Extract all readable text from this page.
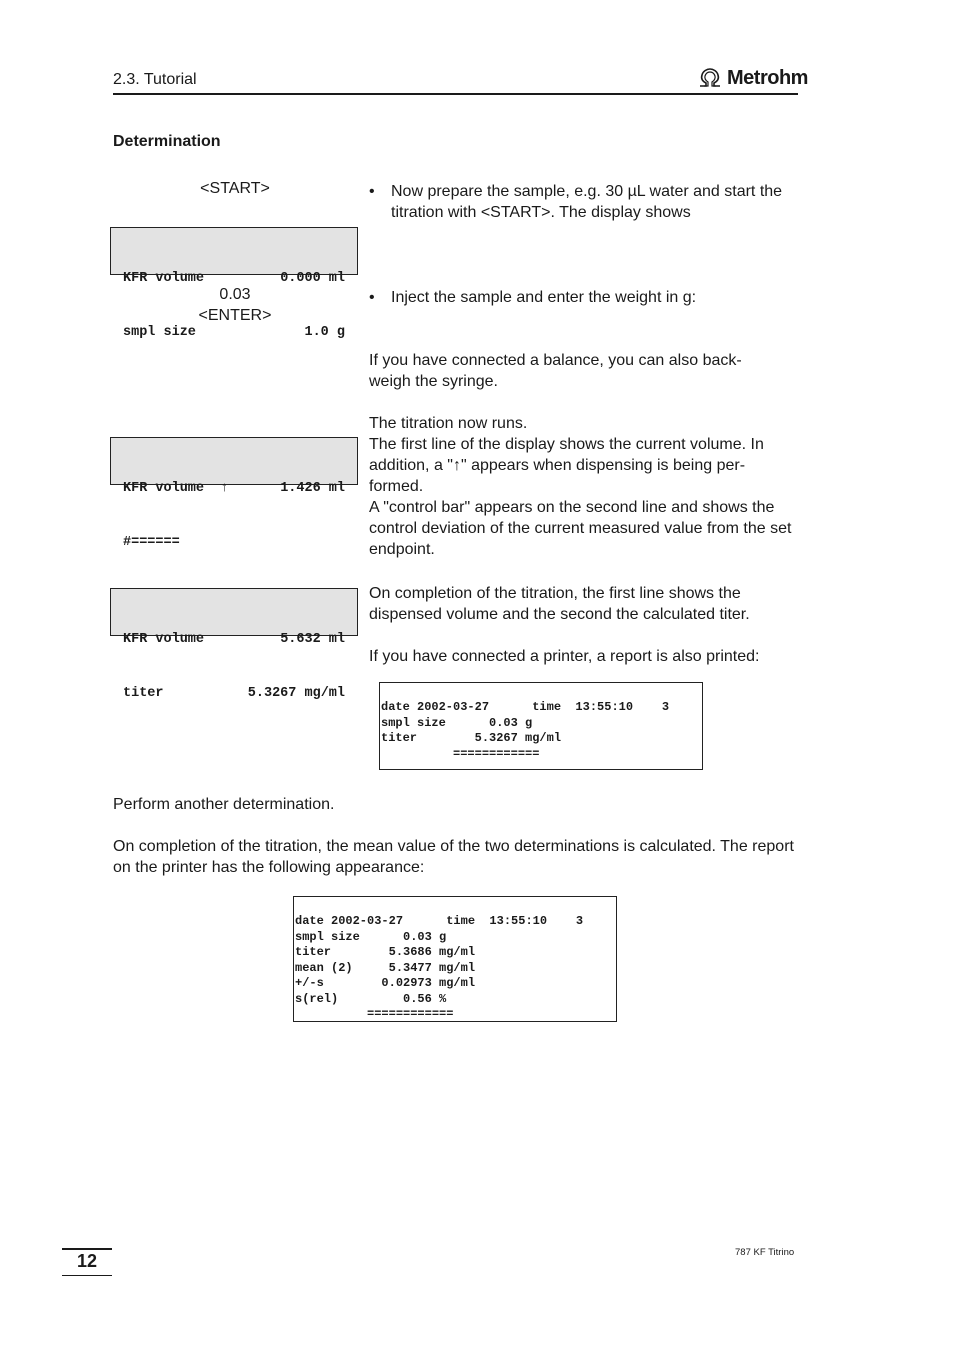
2.3. Tutorial	Metrohm
Determination
<START>	•	Now prepare the sample, e.g. 30 µL water and start the titration with <START>. The display shows

KFR volume	0.000 ml

smpl size	1.0 g

0.03
<ENTER>
•	Inject the sample and enter the weight in g:
If you have connected a balance, you can also back-weigh the syringe.

The titration now runs.

The first line of the display shows the current volume. In addition, a "↑" appears when dispensing is being per-formed.

A "control bar" appears on the second line and shows the control deviation of the current measured value from the set endpoint.

KFR volume ↑	1.426 ml

#======

On completion of the titration, the first line shows the dispensed volume and the second the calculated titer.

KFR volume	5.632 ml

titer	5.3267 mg/ml

If you have connected a printer, a report is also printed:
date 2002-03-27      time  13:55:10    3
smpl size      0.03 g
titer        5.3267 mg/ml
============
Perform another determination.
On completion of the titration, the mean value of the two determinations is calculated. The report on the printer has the following appearance:
date 2002-03-27      time  13:55:10    3
smpl size      0.03 g
titer        5.3686 mg/ml
mean (2)     5.3477 mg/ml
+/-s        0.02973 mg/ml
s(rel)         0.56 %
============
12	787 KF Titrino
